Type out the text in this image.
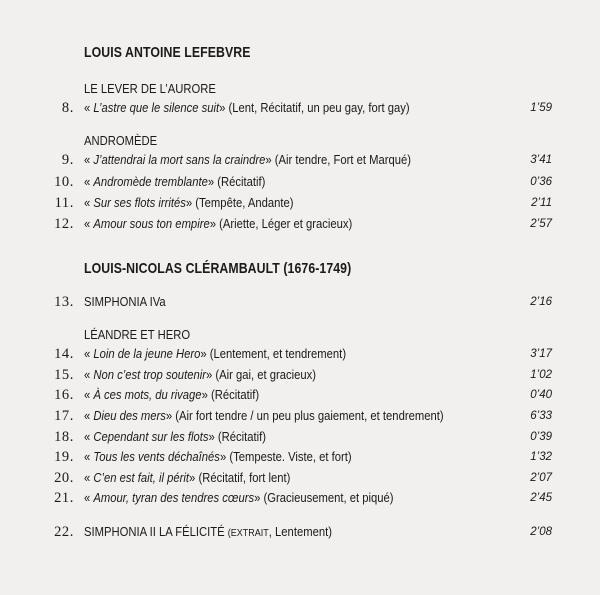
LOUIS ANTOINE LEFEBVRE
LE LEVER DE L’AURORE
8. « L’astre que le silence suit» (Lent, Récitatif, un peu gay, fort gay)	1’59
ANDROMÈDE
9. « J’attendrai la mort sans la craindre» (Air tendre, Fort et Marqué)	3’41
10. « Andromède tremblante» (Récitatif)	0’36
11. « Sur ses flots irrités» (Tempête, Andante)	2’11
12. « Amour sous ton empire» (Ariette, Léger et gracieux)	2’57
LOUIS-NICOLAS CLÉRAMBAULT (1676-1749)
13. SIMPHONIA IVa	2’16
LÉANDRE ET HERO
14. « Loin de la jeune Hero» (Lentement, et tendrement)	3’17
15. « Non c’est trop soutenir» (Air gai, et gracieux)	1’02
16. « À ces mots, du rivage» (Récitatif)	0’40
17. « Dieu des mers» (Air fort tendre / un peu plus gaiement, et tendrement)	6’33
18. « Cependant sur les flots» (Récitatif)	0’39
19. « Tous les vents déchaînés» (Tempeste. Viste, et fort)	1’32
20. « C’en est fait, il périt» (Récitatif, fort lent)	2’07
21. « Amour, tyran des tendres cœurs» (Gracieusement, et piqué)	2’45
22. SIMPHONIA II LA FÉLICITÉ (EXTRAIT, Lentement)	2’08
